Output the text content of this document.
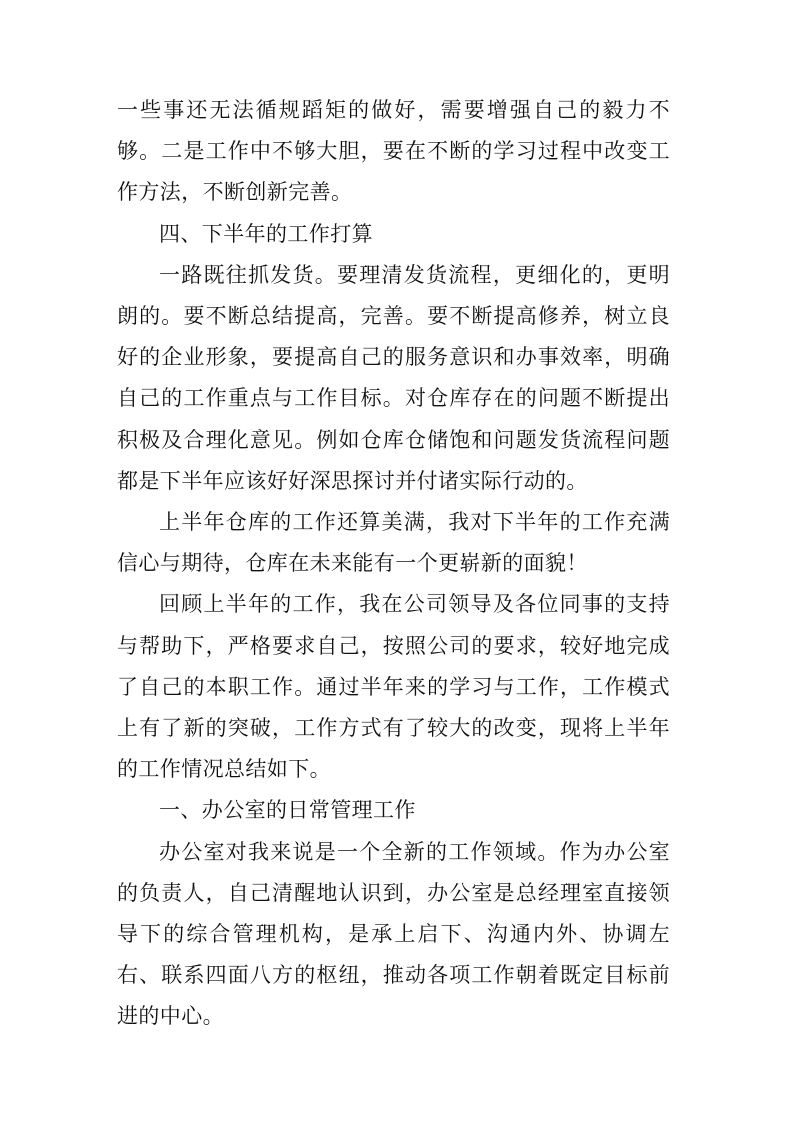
一些事还无法循规蹈矩的做好，需要增强自己的毅力不够。二是工作中不够大胆，要在不断的学习过程中改变工作方法，不断创新完善。

四、下半年的工作打算

一路既往抓发货。要理清发货流程，更细化的，更明朗的。要不断总结提高，完善。要不断提高修养，树立良好的企业形象，要提高自己的服务意识和办事效率，明确自己的工作重点与工作目标。对仓库存在的问题不断提出积极及合理化意见。例如仓库仓储饱和问题发货流程问题都是下半年应该好好深思探讨并付诸实际行动的。

上半年仓库的工作还算美满，我对下半年的工作充满信心与期待，仓库在未来能有一个更崭新的面貌！

回顾上半年的工作，我在公司领导及各位同事的支持与帮助下，严格要求自己，按照公司的要求，较好地完成了自己的本职工作。通过半年来的学习与工作，工作模式上有了新的突破，工作方式有了较大的改变，现将上半年的工作情况总结如下。

一、办公室的日常管理工作

办公室对我来说是一个全新的工作领域。作为办公室的负责人，自己清醒地认识到，办公室是总经理室直接领导下的综合管理机构，是承上启下、沟通内外、协调左右、联系四面八方的枢纽，推动各项工作朝着既定目标前进的中心。
